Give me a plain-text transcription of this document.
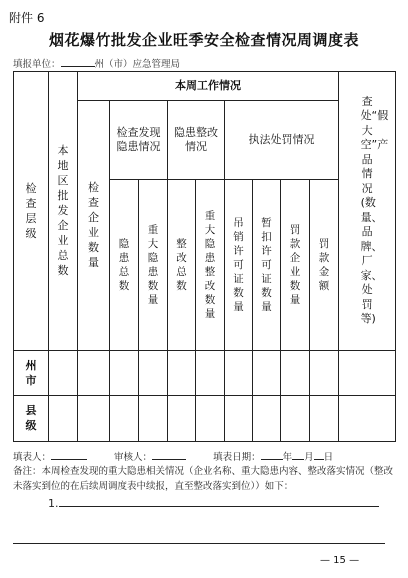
附件 6
烟花爆竹批发企业旺季安全检查情况周调度表
填报单位：	州（市）应急管理局
检查层级	本地区批发企业总数	本周工作情况									查处“假大空”产品情况(数量、品牌、厂家、处罚等)
		检查企业数量	检查发现隐患情况		隐患整改情况		执法处罚情况				
			隐患总数	重大隐患数量	整改总数	重大隐患整改数量	吊销许可证数量	暂扣许可证数量	罚款企业数量	罚款金额	
州市											
县级											
填表人：	审核人：	填表日期： 年 月 日
备注：本周检查发现的重大隐患相关情况（企业名称、重大隐患内容、整改落实情况（整改未落实到位的在后续周调度表中续报，直至整改落实到位））如下：
1.
— 15 —
